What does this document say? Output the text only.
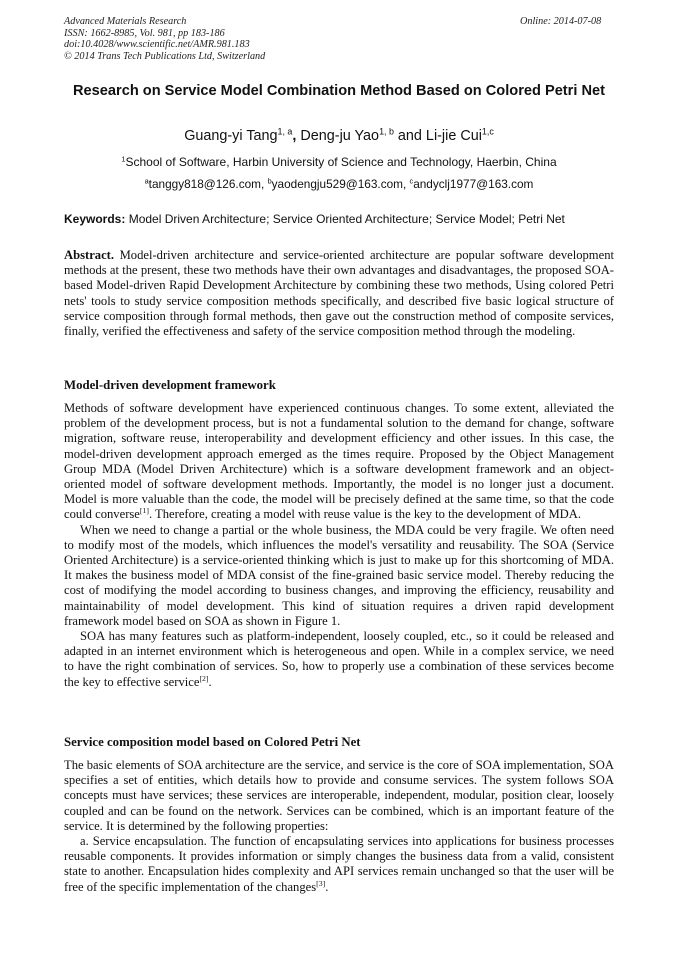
Advanced Materials Research
ISSN: 1662-8985, Vol. 981, pp 183-186
doi:10.4028/www.scientific.net/AMR.981.183
© 2014 Trans Tech Publications Ltd, Switzerland
Online: 2014-07-08
Research on Service Model Combination Method Based on Colored Petri Net
Guang-yi Tang$^{1, a}$, Deng-ju Yao$^{1, b}$ and Li-jie Cui$^{1,c}$
$^1$School of Software, Harbin University of Science and Technology, Haerbin, China
$^a$tanggy818@126.com, $^b$yaodengju529@163.com, $^c$andyclj1977@163.com
Keywords: Model Driven Architecture; Service Oriented Architecture; Service Model; Petri Net

Abstract. Model-driven architecture and service-oriented architecture are popular software development methods at the present, these two methods have their own advantages and disadvantages, the proposed SOA-based Model-driven Rapid Development Architecture by combining these two methods, Using colored Petri nets' tools to study service composition methods specifically, and described five basic logical structure of service composition through formal methods, then gave out the construction method of composite services, finally, verified the effectiveness and safety of the service composition method through the modeling.

Model-driven development framework

Methods of software development have experienced continuous changes. To some extent, alleviated the problem of the development process, but is not a fundamental solution to the demand for change, software migration, software reuse, interoperability and development efficiency and other issues. In this case, the model-driven development approach emerged as the times require. Proposed by the Object Management Group MDA (Model Driven Architecture) which is a software development framework and an object-oriented model of software development methods. Importantly, the model is no longer just a document. Model is more valuable than the code, the model will be precisely defined at the same time, so that the code could converse[1]. Therefore, creating a model with reuse value is the key to the development of MDA.

When we need to change a partial or the whole business, the MDA could be very fragile. We often need to modify most of the models, which influences the model's versatility and reusability. The SOA (Service Oriented Architecture) is a service-oriented thinking which is just to make up for this shortcoming of MDA. It makes the business model of MDA consist of the fine-grained basic service model. Thereby reducing the cost of modifying the model according to business changes, and improving the efficiency, reusability and maintainability of model development. This kind of situation requires a driven rapid development framework model based on SOA as shown in Figure 1.

SOA has many features such as platform-independent, loosely coupled, etc., so it could be released and adapted in an internet environment which is heterogeneous and open. While in a complex service, we need to have the right combination of services. So, how to properly use a combination of these services become the key to effective service[2].

Service composition model based on Colored Petri Net

The basic elements of SOA architecture are the service, and service is the core of SOA implementation, SOA specifies a set of entities, which details how to provide and consume services. The system follows SOA concepts must have services; these services are interoperable, independent, modular, position clear, loosely coupled and can be found on the network. Services can be combined, which is an important feature of the service. It is determined by the following properties:

a. Service encapsulation. The function of encapsulating services into applications for business processes reusable components. It provides information or simply changes the business data from a valid, consistent state to another. Encapsulation hides complexity and API services remain unchanged so that the user will be free of the specific implementation of the changes[3].
